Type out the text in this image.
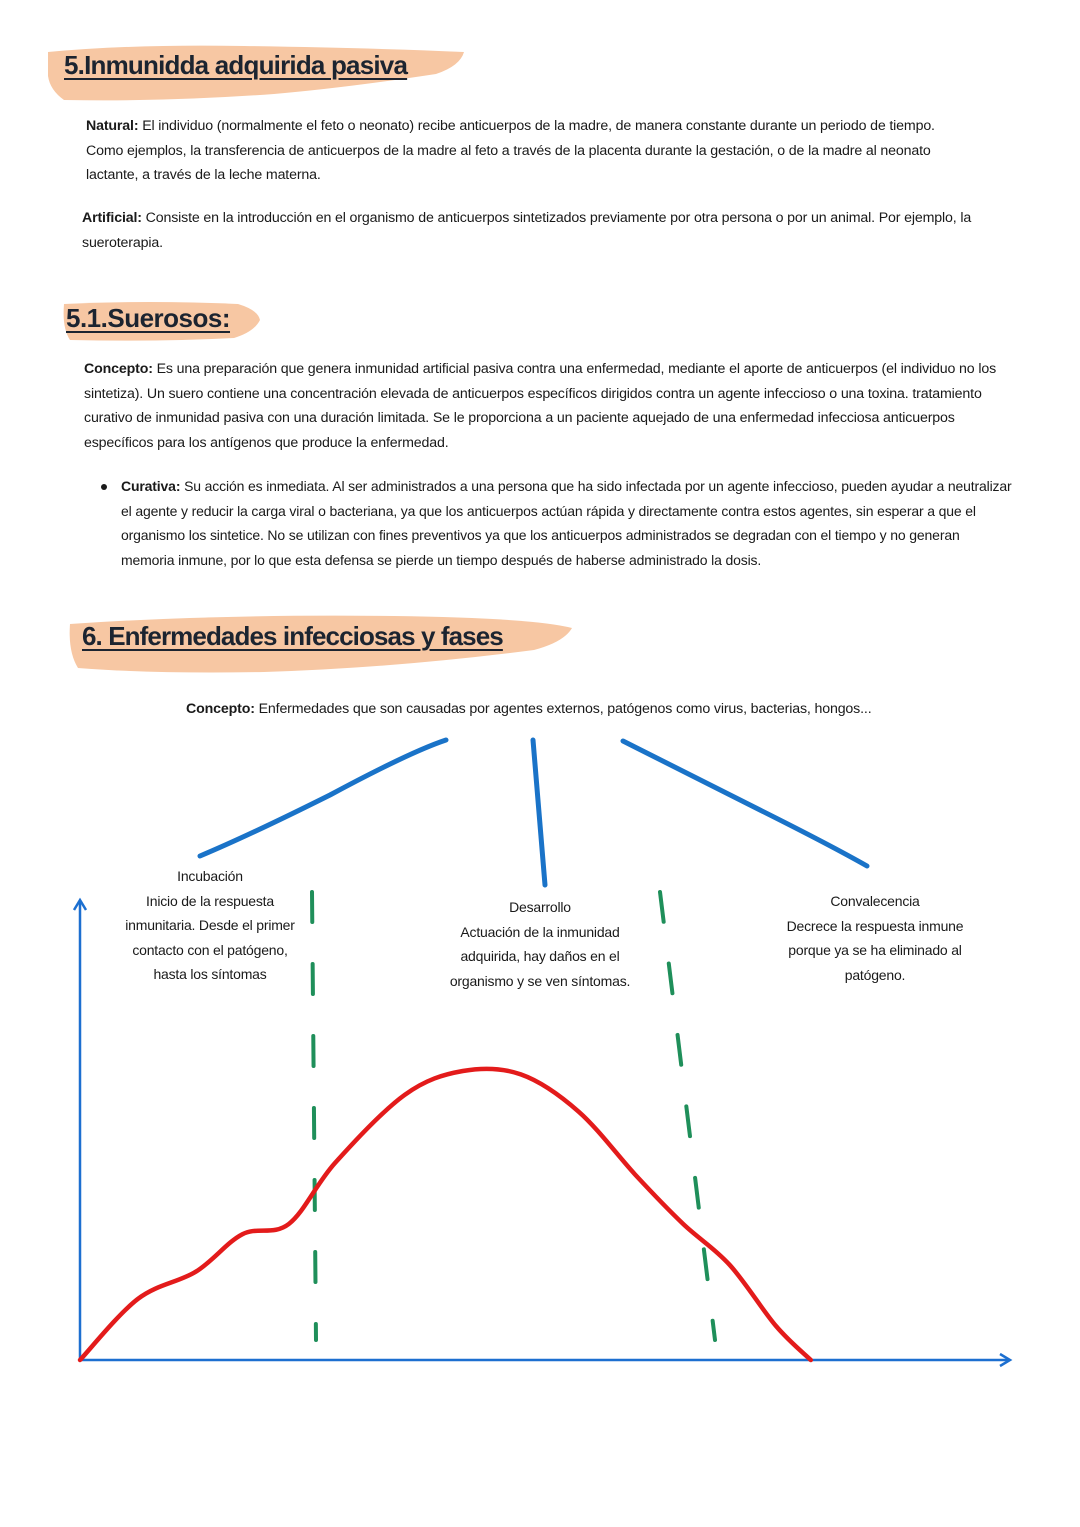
5.Inmunidda adquirida pasiva

Natural: El individuo (normalmente el feto o neonato) recibe anticuerpos de la madre, de manera constante durante un periodo de tiempo. Como ejemplos, la transferencia de anticuerpos de la madre al feto a través de la placenta durante la gestación, o de la madre al neonato lactante, a través de la leche materna.

Artificial: Consiste en la introducción en el organismo de anticuerpos sintetizados previamente por otra persona o por un animal. Por ejemplo, la sueroterapia.

5.1.Suerosos:

Concepto: Es una preparación que genera inmunidad artificial pasiva contra una enfermedad, mediante el aporte de anticuerpos (el individuo no los sintetiza). Un suero contiene una concentración elevada de anticuerpos específicos dirigidos contra un agente infeccioso o una toxina. tratamiento curativo de inmunidad pasiva con una duración limitada. Se le proporciona a un paciente aquejado de una enfermedad infecciosa anticuerpos específicos para los antígenos que produce la enfermedad.

Curativa: Su acción es inmediata. Al ser administrados a una persona que ha sido infectada por un agente infeccioso, pueden ayudar a neutralizar el agente y reducir la carga viral o bacteriana, ya que los anticuerpos actúan rápida y directamente contra estos agentes, sin esperar a que el organismo los sintetice. No se utilizan con fines preventivos ya que los anticuerpos administrados se degradan con el tiempo y no generan memoria inmune, por lo que esta defensa se pierde un tiempo después de haberse administrado la dosis.

6. Enfermedades infecciosas y fases

Concepto: Enfermedades que son causadas por agentes externos, patógenos como virus, bacterias, hongos...

Incubación
Inicio de la respuesta
inmunitaria. Desde el primer
contacto con el patógeno,
hasta los síntomas
Desarrollo
Actuación de la inmunidad
adquirida, hay daños en el
organismo y se ven síntomas.
Convalecencia
Decrece la respuesta inmune
porque ya se ha eliminado al
patógeno.
